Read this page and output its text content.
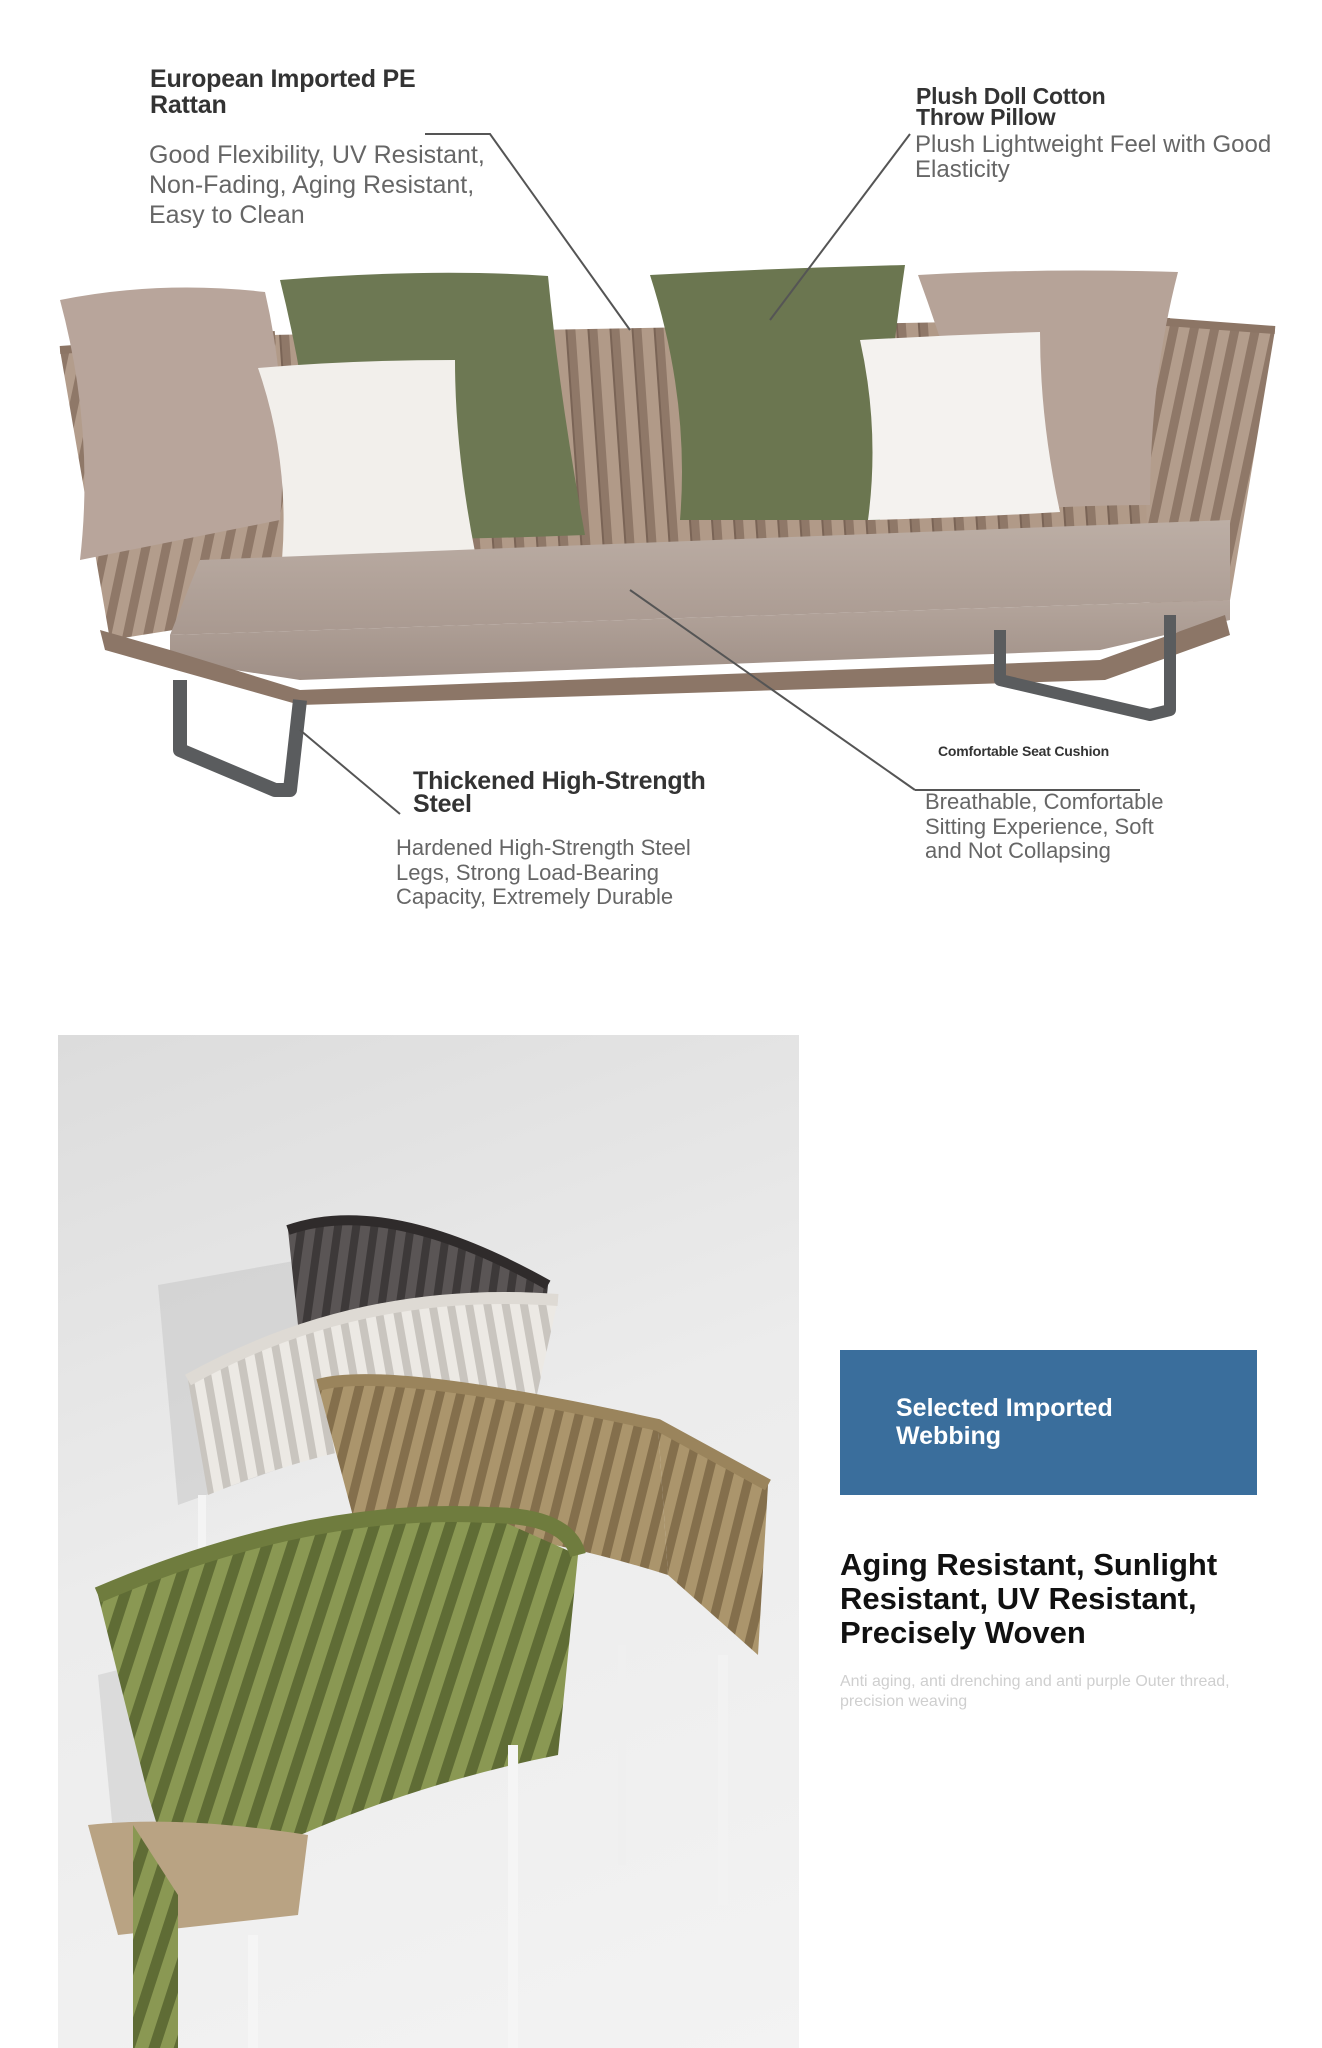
European Imported PE Rattan
Good Flexibility, UV Resistant, Non-Fading, Aging Resistant, Easy to Clean
Plush Doll Cotton Throw Pillow
Plush Lightweight Feel with Good Elasticity
Thickened High-Strength Steel
Hardened High-Strength Steel Legs, Strong Load-Bearing Capacity, Extremely Durable
Comfortable Seat Cushion
Breathable, Comfortable Sitting Experience, Soft and Not Collapsing
Selected Imported Webbing
Aging Resistant, Sunlight Resistant, UV Resistant, Precisely Woven
Anti aging, anti drenching and anti purple Outer thread, precision weaving
